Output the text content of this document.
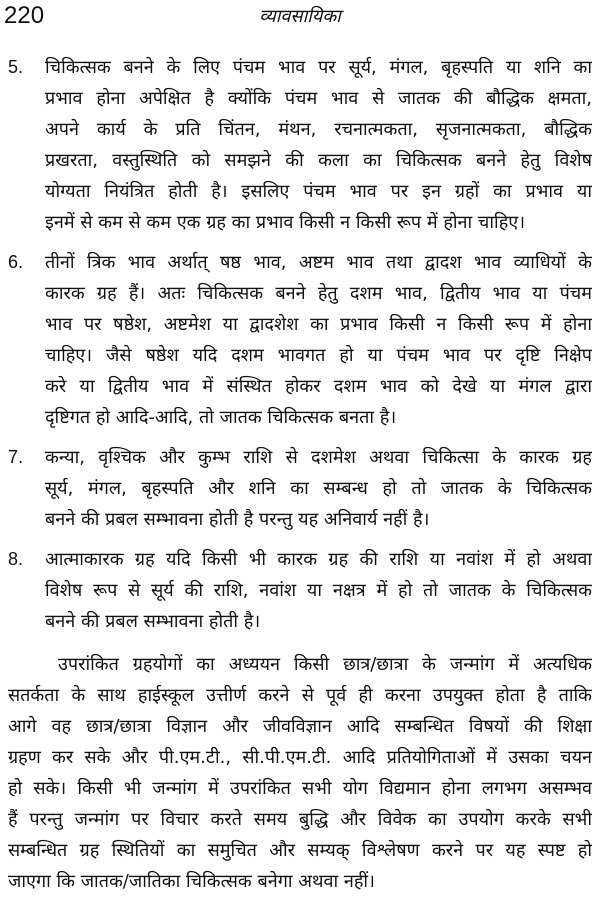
220	व्यावसायिका
5.	चिकित्सक बनने के लिए पंचम भाव पर सूर्य, मंगल, बृहस्पति या शनि का
प्रभाव होना अपेक्षित है क्योंकि पंचम भाव से जातक की बौद्धिक क्षमता,
अपने कार्य के प्रति चिंतन, मंथन, रचनात्मकता, सृजनात्मकता, बौद्धिक
प्रखरता, वस्तुस्थिति को समझने की कला का चिकित्सक बनने हेतु विशेष
योग्यता नियंत्रित होती है। इसलिए पंचम भाव पर इन ग्रहों का प्रभाव या
इनमें से कम से कम एक ग्रह का प्रभाव किसी न किसी रूप में होना चाहिए।
6.	तीनों त्रिक भाव अर्थात् षष्ठ भाव, अष्टम भाव तथा द्वादश भाव व्याधियों के
कारक ग्रह हैं। अतः चिकित्सक बनने हेतु दशम भाव, द्वितीय भाव या पंचम
भाव पर षष्ठेश, अष्टमेश या द्वादशेश का प्रभाव किसी न किसी रूप में होना
चाहिए। जैसे षष्ठेश यदि दशम भावगत हो या पंचम भाव पर दृष्टि निक्षेप
करे या द्वितीय भाव में संस्थित होकर दशम भाव को देखे या मंगल द्वारा
दृष्टिगत हो आदि-आदि, तो जातक चिकित्सक बनता है।
7.	कन्या, वृश्चिक और कुम्भ राशि से दशमेश अथवा चिकित्सा के कारक ग्रह
सूर्य, मंगल, बृहस्पति और शनि का सम्बन्ध हो तो जातक के चिकित्सक
बनने की प्रबल सम्भावना होती है परन्तु यह अनिवार्य नहीं है।
8.	आत्माकारक ग्रह यदि किसी भी कारक ग्रह की राशि या नवांश में हो अथवा
विशेष रूप से सूर्य की राशि, नवांश या नक्षत्र में हो तो जातक के चिकित्सक
बनने की प्रबल सम्भावना होती है।
उपरांकित ग्रहयोगों का अध्ययन किसी छात्र/छात्रा के जन्मांग में अत्यधिक
सतर्कता के साथ हाईस्कूल उत्तीर्ण करने से पूर्व ही करना उपयुक्त होता है ताकि
आगे वह छात्र/छात्रा विज्ञान और जीवविज्ञान आदि सम्बन्धित विषयों की शिक्षा
ग्रहण कर सके और पी.एम.टी., सी.पी.एम.टी. आदि प्रतियोगिताओं में उसका चयन
हो सके। किसी भी जन्मांग में उपरांकित सभी योग विद्यमान होना लगभग असम्भव
हैं परन्तु जन्मांग पर विचार करते समय बुद्धि और विवेक का उपयोग करके सभी
सम्बन्धित ग्रह स्थितियों का समुचित और सम्यक् विश्लेषण करने पर यह स्पष्ट हो
जाएगा कि जातक/जातिका चिकित्सक बनेगा अथवा नहीं।
